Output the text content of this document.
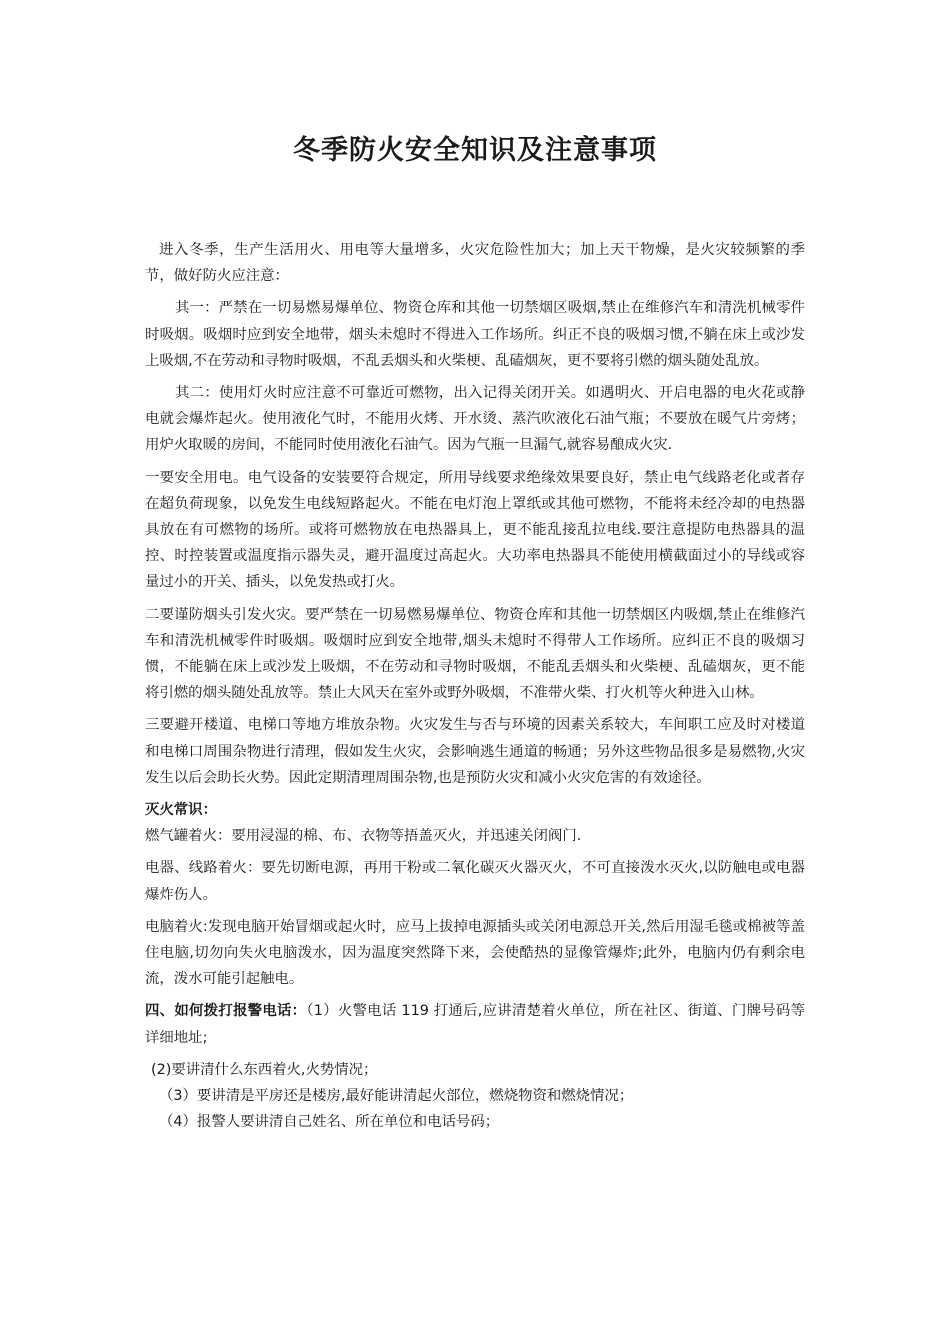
冬季防火安全知识及注意事项

进入冬季，生产生活用火、用电等大量增多，火灾危险性加大；加上天干物燥，是火灾较频繁的季节，做好防火应注意：

其一：严禁在一切易燃易爆单位、物资仓库和其他一切禁烟区吸烟,禁止在维修汽车和清洗机械零件时吸烟。吸烟时应到安全地带，烟头未熄时不得进入工作场所。纠正不良的吸烟习惯,不躺在床上或沙发上吸烟,不在劳动和寻物时吸烟，不乱丢烟头和火柴梗、乱磕烟灰，更不要将引燃的烟头随处乱放。

其二：使用灯火时应注意不可靠近可燃物，出入记得关闭开关。如遇明火、开启电器的电火花或静电就会爆炸起火。使用液化气时，不能用火烤、开水烫、蒸汽吹液化石油气瓶；不要放在暖气片旁烤；用炉火取暖的房间，不能同时使用液化石油气。因为气瓶一旦漏气,就容易酿成火灾.

一要安全用电。电气设备的安装要符合规定，所用导线要求绝缘效果要良好，禁止电气线路老化或者存在超负荷现象，以免发生电线短路起火。不能在电灯泡上罩纸或其他可燃物，不能将未经冷却的电热器具放在有可燃物的场所。或将可燃物放在电热器具上，更不能乱接乱拉电线.要注意提防电热器具的温控、时控装置或温度指示器失灵，避开温度过高起火。大功率电热器具不能使用横截面过小的导线或容量过小的开关、插头，以免发热或打火。

二要谨防烟头引发火灾。要严禁在一切易燃易爆单位、物资仓库和其他一切禁烟区内吸烟,禁止在维修汽车和清洗机械零件时吸烟。吸烟时应到安全地带,烟头未熄时不得带人工作场所。应纠正不良的吸烟习惯，不能躺在床上或沙发上吸烟，不在劳动和寻物时吸烟，不能乱丢烟头和火柴梗、乱磕烟灰，更不能将引燃的烟头随处乱放等。禁止大风天在室外或野外吸烟，不准带火柴、打火机等火种进入山林。

三要避开楼道、电梯口等地方堆放杂物。火灾发生与否与环境的因素关系较大，车间职工应及时对楼道和电梯口周围杂物进行清理，假如发生火灾，会影响逃生通道的畅通；另外这些物品很多是易燃物,火灾发生以后会助长火势。因此定期清理周围杂物,也是预防火灾和减小火灾危害的有效途径。

灭火常识：

燃气罐着火：要用浸湿的棉、布、衣物等捂盖灭火，并迅速关闭阀门.

电器、线路着火：要先切断电源，再用干粉或二氧化碳灭火器灭火，不可直接泼水灭火,以防触电或电器爆炸伤人。

电脑着火:发现电脑开始冒烟或起火时，应马上拔掉电源插头或关闭电源总开关,然后用湿毛毯或棉被等盖住电脑,切勿向失火电脑泼水，因为温度突然降下来，会使酷热的显像管爆炸;此外，电脑内仍有剩余电流，泼水可能引起触电。

四、如何拨打报警电话：（1）火警电话 119 打通后,应讲清楚着火单位，所在社区、街道、门牌号码等详细地址;

(2)要讲清什么东西着火,火势情况；

（3）要讲清是平房还是楼房,最好能讲清起火部位，燃烧物资和燃烧情况；

（4）报警人要讲清自己姓名、所在单位和电话号码；
